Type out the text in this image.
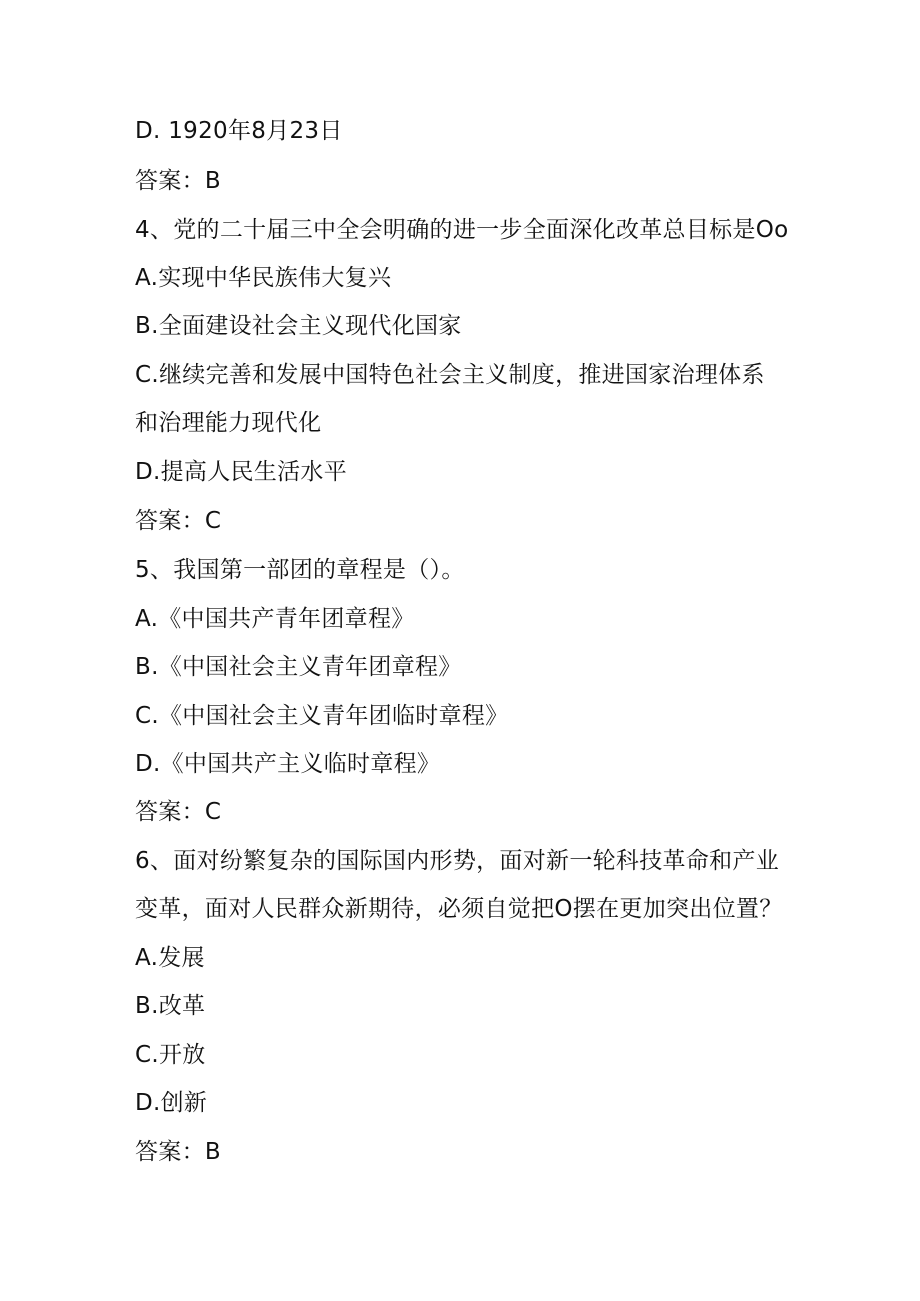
D. 1920年8月23日
答案：B
4、党的二十届三中全会明确的进一步全面深化改革总目标是Oo
A.实现中华民族伟大复兴
B.全面建设社会主义现代化国家
C.继续完善和发展中国特色社会主义制度，推进国家治理体系
和治理能力现代化
D.提高人民生活水平
答案：C
5、我国第一部团的章程是（）。
A.《中国共产青年团章程》
B.《中国社会主义青年团章程》
C.《中国社会主义青年团临时章程》
D.《中国共产主义临时章程》
答案：C
6、面对纷繁复杂的国际国内形势，面对新一轮科技革命和产业
变革，面对人民群众新期待，必须自觉把O摆在更加突出位置？
A.发展
B.改革
C.开放
D.创新
答案：B
